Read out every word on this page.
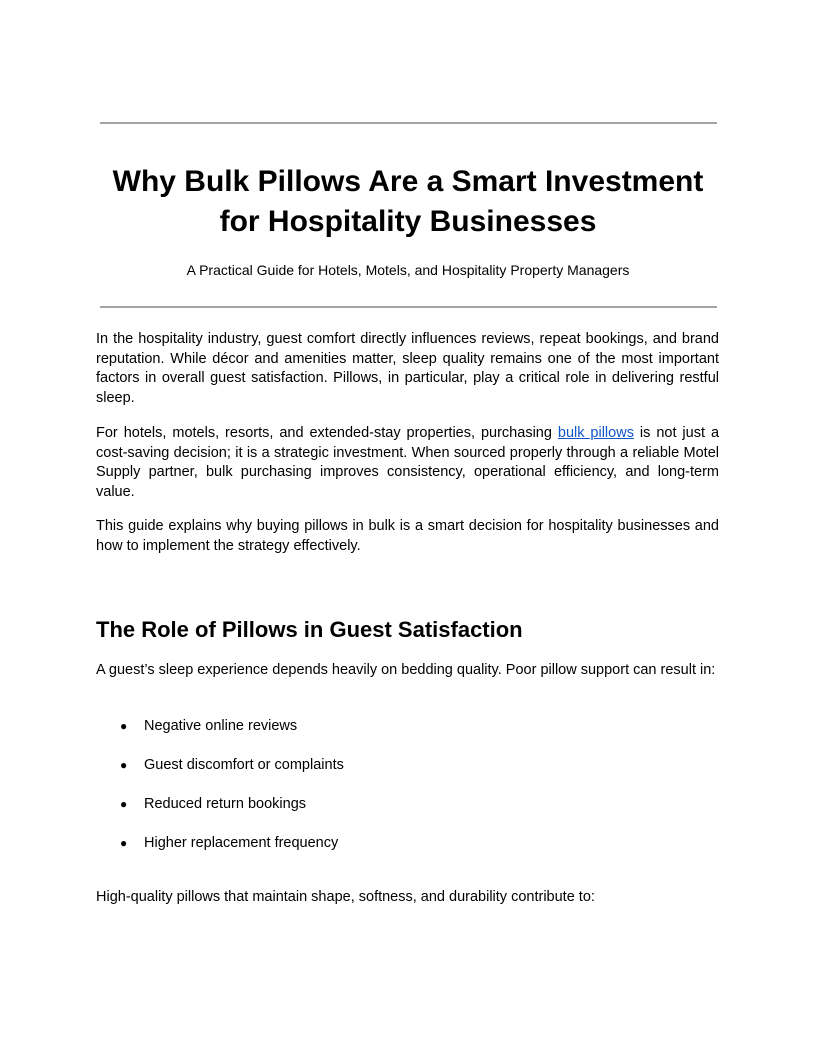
Why Bulk Pillows Are a Smart Investment for Hospitality Businesses

A Practical Guide for Hotels, Motels, and Hospitality Property Managers

In the hospitality industry, guest comfort directly influences reviews, repeat bookings, and brand reputation. While décor and amenities matter, sleep quality remains one of the most important factors in overall guest satisfaction. Pillows, in particular, play a critical role in delivering restful sleep.

For hotels, motels, resorts, and extended-stay properties, purchasing bulk pillows is not just a cost-saving decision; it is a strategic investment. When sourced properly through a reliable Motel Supply partner, bulk purchasing improves consistency, operational efficiency, and long-term value.

This guide explains why buying pillows in bulk is a smart decision for hospitality businesses and how to implement the strategy effectively.

The Role of Pillows in Guest Satisfaction

A guest’s sleep experience depends heavily on bedding quality. Poor pillow support can result in:

● Negative online reviews
● Guest discomfort or complaints
● Reduced return bookings
● Higher replacement frequency

High-quality pillows that maintain shape, softness, and durability contribute to:
